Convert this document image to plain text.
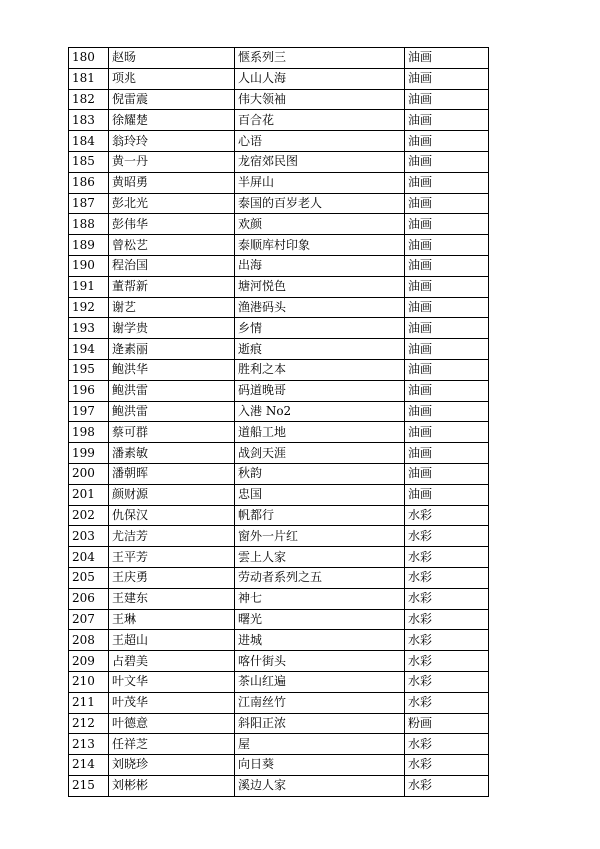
180	赵旸	惬系列三	油画
181	项兆	人山人海	油画
182	倪雷震	伟大领袖	油画
183	徐耀楚	百合花	油画
184	翁玲玲	心语	油画
185	黄一丹	龙宿郊民图	油画
186	黄昭勇	半屏山	油画
187	彭北光	泰国的百岁老人	油画
188	彭伟华	欢颜	油画
189	曾松艺	泰顺库村印象	油画
190	程治国	出海	油画
191	董帮新	塘河悦色	油画
192	谢艺	渔港码头	油画
193	谢学贵	乡情	油画
194	逄素丽	逝痕	油画
195	鲍洪华	胜利之本	油画
196	鲍洪雷	码道晚哥	油画
197	鲍洪雷	入港 No2	油画
198	蔡可群	道船工地	油画
199	潘素敏	战剑天涯	油画
200	潘朝晖	秋韵	油画
201	颜财源	忠国	油画
202	仇保汉	帆都行	水彩
203	尤洁芳	窗外一片红	水彩
204	王平芳	雲上人家	水彩
205	王庆勇	劳动者系列之五	水彩
206	王建东	神七	水彩
207	王琳	曙光	水彩
208	王超山	进城	水彩
209	占碧美	喀什街头	水彩
210	叶文华	茶山红遍	水彩
211	叶茂华	江南丝竹	水彩
212	叶德意	斜阳正浓	粉画
213	任祥芝	屋	水彩
214	刘晓珍	向日葵	水彩
215	刘彬彬	溪边人家	水彩
